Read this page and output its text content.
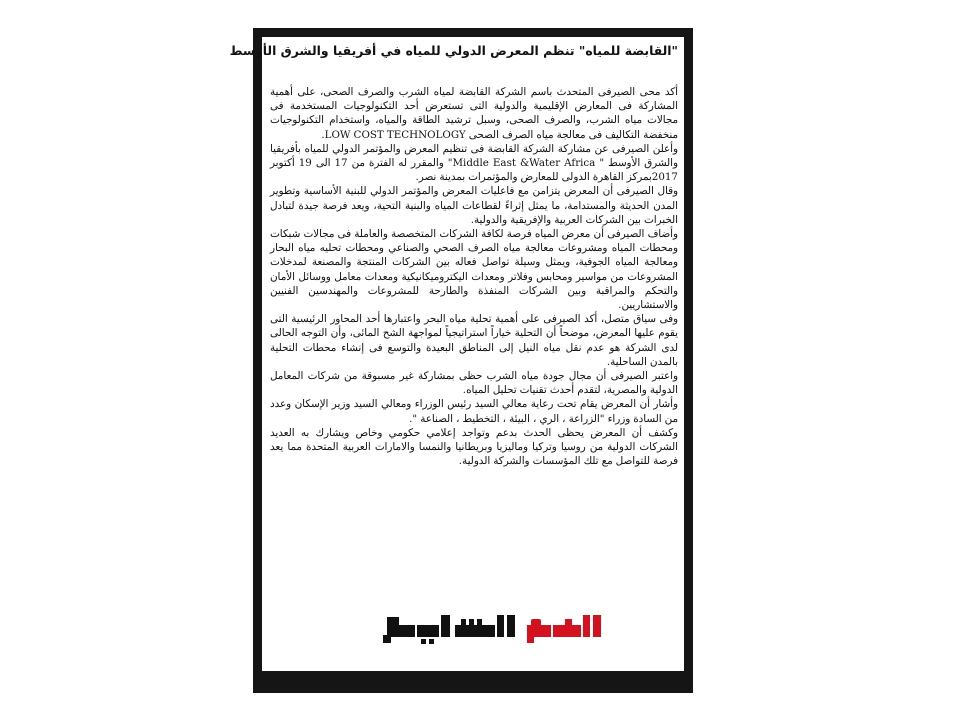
"القابضة للمياه" تنظم المعرض الدولي للمياه في أفريقيا والشرق الأوسط

أكد محى الصيرفى المتحدث باسم الشركة القابضة لمياه الشرب والصرف الصحى، على أهمية المشاركة فى المعارض الإقليمية والدولية التى تستعرض أحد التكنولوجيات المستخدمة فى مجالات مياه الشرب، والصرف الصحى، وسبل ترشيد الطاقة والمياه، واستخدام التكنولوجيات منخفضة التكاليف فى معالجة مياه الصرف الصحى LOW COST TECHNOLOGY.

وأعلن الصيرفى عن مشاركة الشركة القابضة فى تنظيم المعرض والمؤتمر الدولي للمياه بأفريقيا والشرق الأوسط " Middle East &Water Africa" والمقرر له الفترة من 17 الى 19 أكتوبر 2017بمركز القاهرة الدولى للمعارض والمؤتمرات بمدينة نصر.

وقال الصيرفى أن المعرض يتزامن مع فاعليات المعرض والمؤتمر الدولي للبنية الأساسية وتطوير المدن الحديثة والمستدامة، ما يمثل إثراءً لقطاعات المياه والبنية التحية، ويعد فرصة جيدة لتبادل الخبرات بين الشركات العربية والإفريقية والدولية.

وأضاف الصيرفى أن معرض المياه فرصة لكافة الشركات المتخصصة والعاملة فى مجالات شبكات ومحطات المياه ومشروعات معالجة مياه الصرف الصحي والصناعي ومحطات تحليه مياه البحار ومعالجة المياه الجوفية، ويمثل وسيلة تواصل فعاله بين الشركات المنتجة والمصنعة لمدخلات المشروعات من مواسير ومحابس وفلاتر ومعدات اليكتروميكانيكية ومعدات معامل ووسائل الأمان والتحكم والمراقبة وبين الشركات المنفذة والطارحة للمشروعات والمهندسين الفنيين والاستشاريين.

وفى سياق متصل، أكد الصيرفى على أهمية تحلية مياه البحر واعتبارها أحد المحاور الرئيسية التى يقوم عليها المعرض، موضحاً أن التحلية خياراً استراتيجياً لمواجهة الشح المائى، وأن التوجه الحالى لدى الشركة هو عدم نقل مياه النيل إلى المناطق البعيدة والتوسع فى إنشاء محطات التحلية بالمدن الساحلية.

واعتبر الصيرفى أن مجال جودة مياه الشرب حظى بمشاركة غير مسبوقة من شركات المعامل الدولية والمصرية، لتقدم أحدث تقنيات تحليل المياه.

وأشار أن المعرض يقام تحت رعاية معالي السيد رئيس الوزراء ومعالي السيد وزير الإسكان وعدد من السادة وزراء "الزراعة ، الري ، البيئة ، التخطيط ، الصناعة ".

وكشف أن المعرض يحظى الحدث بدعم وتواجد إعلامي حكومي وخاص ويشارك به العديد الشركات الدولية من روسيا وتركيا وماليزيا وبريطانيا والنمسا والامارات العربية المتحدة مما يعد فرصة للتواصل مع تلك المؤسسات والشركة الدولية.
